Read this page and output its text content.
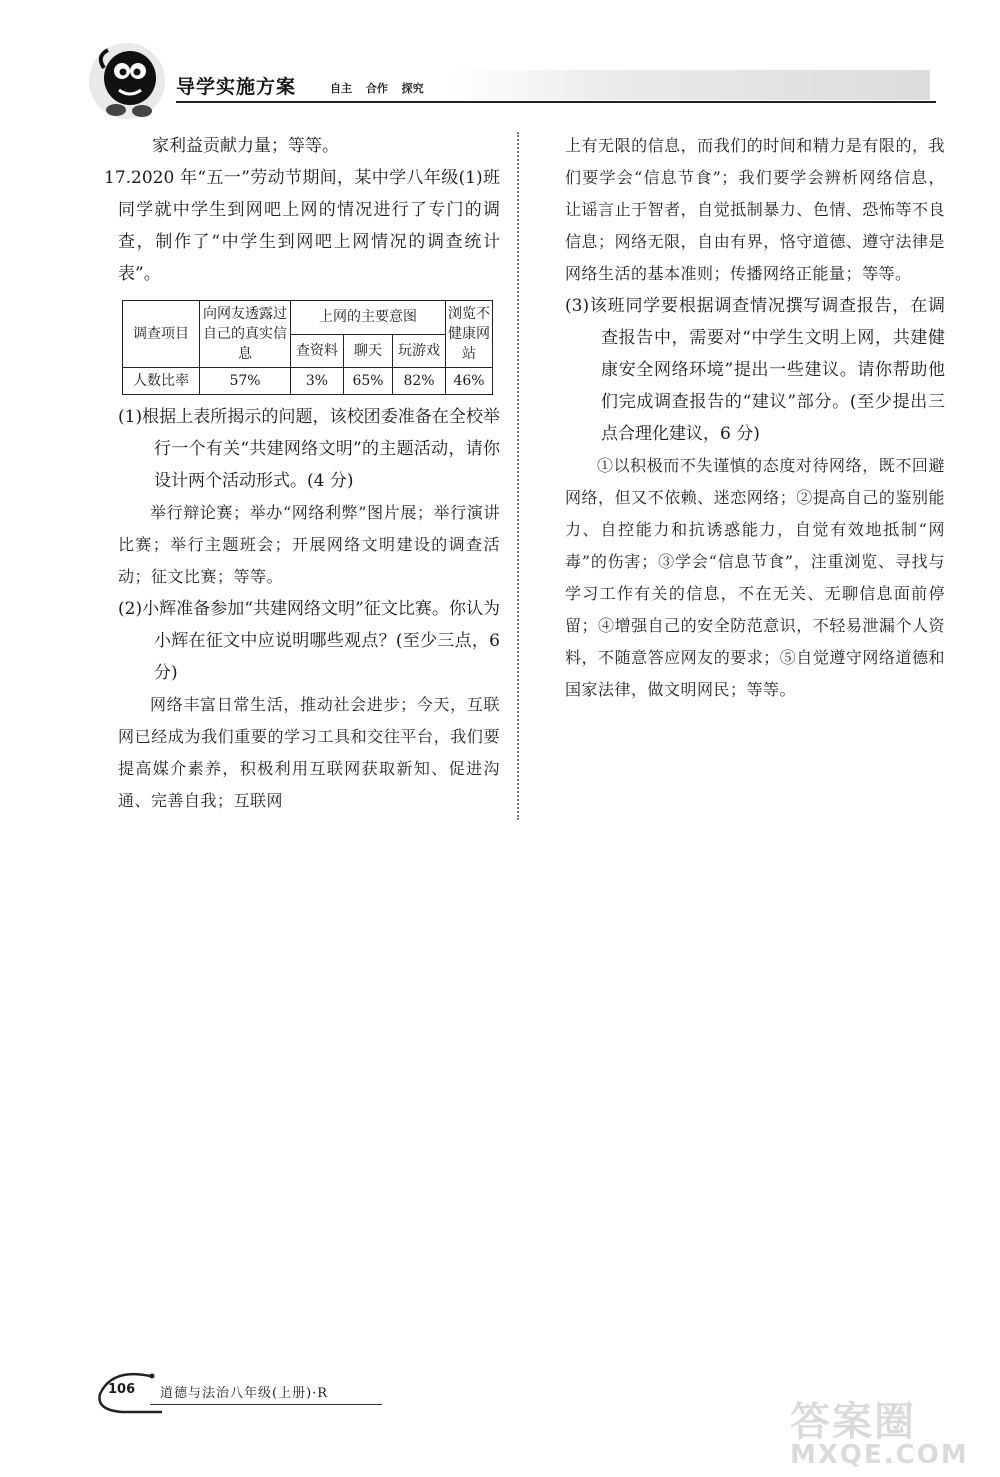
导学实施方案	自主 合作 探究

家利益贡献力量；等等。

17.2020 年“五一”劳动节期间，某中学八年级(1)班同学就中学生到网吧上网的情况进行了专门的调查，制作了“中学生到网吧上网情况的调查统计表”。

调查项目	向网友透露过自己的真实信息	上网的主要意图			浏览不健康网站
		查资料	聊天	玩游戏	
人数比率	57%	3%	65%	82%	46%

(1)根据上表所揭示的问题，该校团委准备在全校举行一个有关“共建网络文明”的主题活动，请你设计两个活动形式。(4 分)

举行辩论赛；举办“网络利弊”图片展；举行演讲比赛；举行主题班会；开展网络文明建设的调查活动；征文比赛；等等。

(2)小辉准备参加“共建网络文明”征文比赛。你认为小辉在征文中应说明哪些观点？(至少三点，6 分)

网络丰富日常生活，推动社会进步；今天，互联网已经成为我们重要的学习工具和交往平台，我们要提高媒介素养，积极利用互联网获取新知、促进沟通、完善自我；互联网

上有无限的信息，而我们的时间和精力是有限的，我们要学会“信息节食”；我们要学会辨析网络信息，让谣言止于智者，自觉抵制暴力、色情、恐怖等不良信息；网络无限，自由有界，恪守道德、遵守法律是网络生活的基本准则；传播网络正能量；等等。

(3)该班同学要根据调查情况撰写调查报告，在调查报告中，需要对“中学生文明上网，共建健康安全网络环境”提出一些建议。请你帮助他们完成调查报告的“建议”部分。(至少提出三点合理化建议，6 分)

①以积极而不失谨慎的态度对待网络，既不回避网络，但又不依赖、迷恋网络；②提高自己的鉴别能力、自控能力和抗诱惑能力，自觉有效地抵制“网毒”的伤害；③学会“信息节食”，注重浏览、寻找与学习工作有关的信息，不在无关、无聊信息面前停留；④增强自己的安全防范意识，不轻易泄漏个人资料，不随意答应网友的要求；⑤自觉遵守网络道德和国家法律，做文明网民；等等。

106 道德与法治八年级(上册)·R
答案圈
MXQE.COM
